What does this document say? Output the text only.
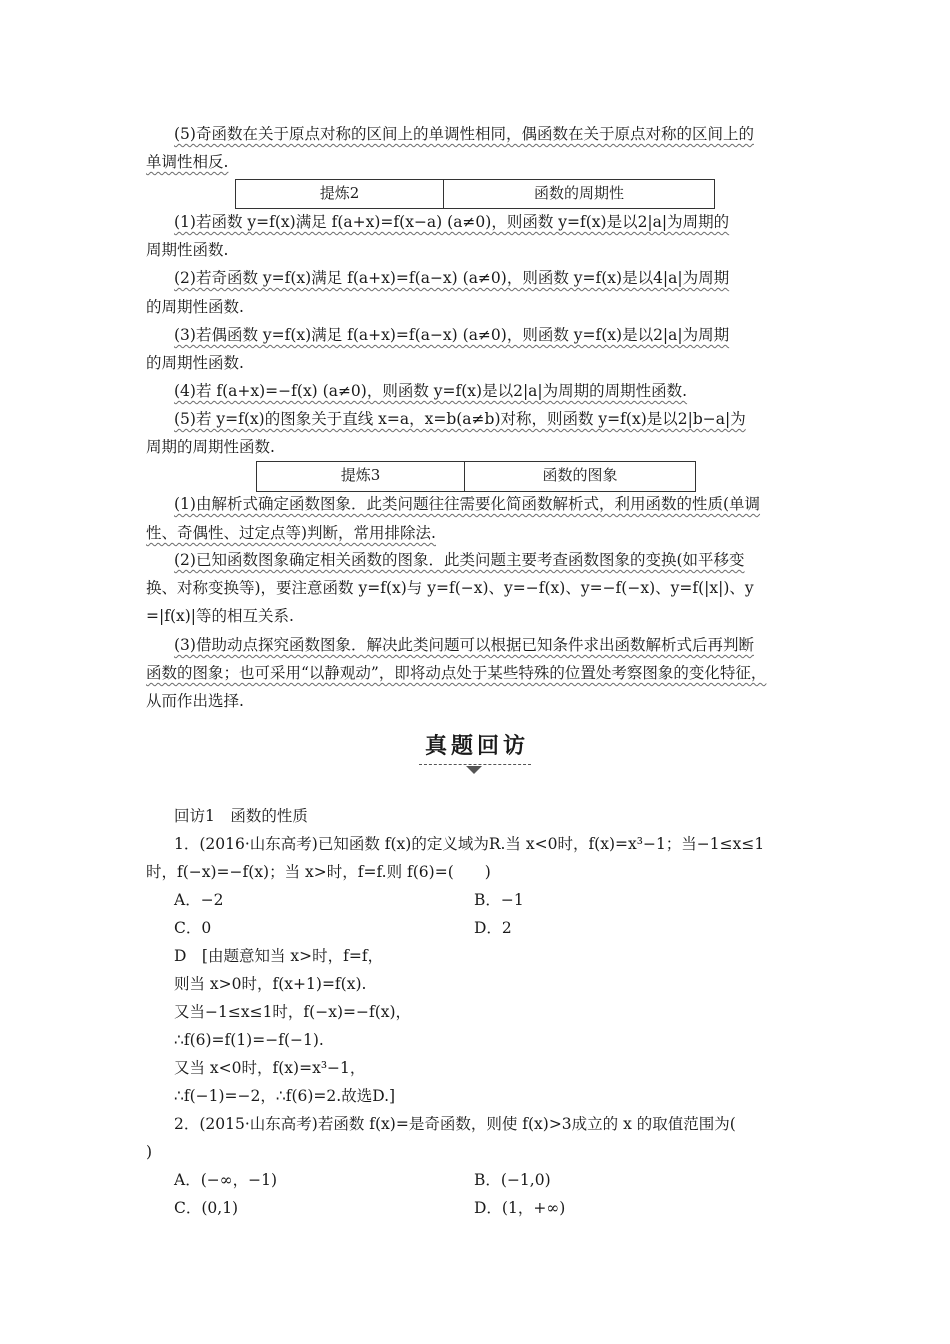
(5)奇函数在关于原点对称的区间上的单调性相同，偶函数在关于原点对称的区间上的
单调性相反.
提炼2	函数的周期性
(1)若函数 y=f(x)满足 f(a+x)=f(x−a) (a≠0)，则函数 y=f(x)是以2|a|为周期的
周期性函数.
(2)若奇函数 y=f(x)满足 f(a+x)=f(a−x) (a≠0)，则函数 y=f(x)是以4|a|为周期
的周期性函数.
(3)若偶函数 y=f(x)满足 f(a+x)=f(a−x) (a≠0)，则函数 y=f(x)是以2|a|为周期
的周期性函数.
(4)若 f(a+x)=−f(x) (a≠0)，则函数 y=f(x)是以2|a|为周期的周期性函数.
(5)若 y=f(x)的图象关于直线 x=a，x=b(a≠b)对称，则函数 y=f(x)是以2|b−a|为
周期的周期性函数.
提炼3	函数的图象
(1)由解析式确定函数图象．此类问题往往需要化简函数解析式，利用函数的性质(单调
性、奇偶性、过定点等)判断，常用排除法.
(2)已知函数图象确定相关函数的图象．此类问题主要考查函数图象的变换(如平移变
换、对称变换等)，要注意函数 y=f(x)与 y=f(−x)、y=−f(x)、y=−f(−x)、y=f(|x|)、y
=|f(x)|等的相互关系.
(3)借助动点探究函数图象．解决此类问题可以根据已知条件求出函数解析式后再判断
函数的图象；也可采用“以静观动”，即将动点处于某些特殊的位置处考察图象的变化特征，
从而作出选择.
真题回访
回访1　函数的性质
1．(2016·山东高考)已知函数 f(x)的定义域为R.当 x<0时，f(x)=x³−1；当−1≤x≤1
时，f(−x)=−f(x)；当 x>时，f=f.则 f(6)=(　　)
A．−2	B．−1
C．0	D．2
D　[由题意知当 x>时，f=f，
则当 x>0时，f(x+1)=f(x).
又当−1≤x≤1时，f(−x)=−f(x)，
∴f(6)=f(1)=−f(−1).
又当 x<0时，f(x)=x³−1，
∴f(−1)=−2，∴f(6)=2.故选D.]
2．(2015·山东高考)若函数 f(x)=是奇函数，则使 f(x)>3成立的 x 的取值范围为(
)
A．(−∞，−1)	B．(−1,0)
C．(0,1)	D．(1，+∞)
